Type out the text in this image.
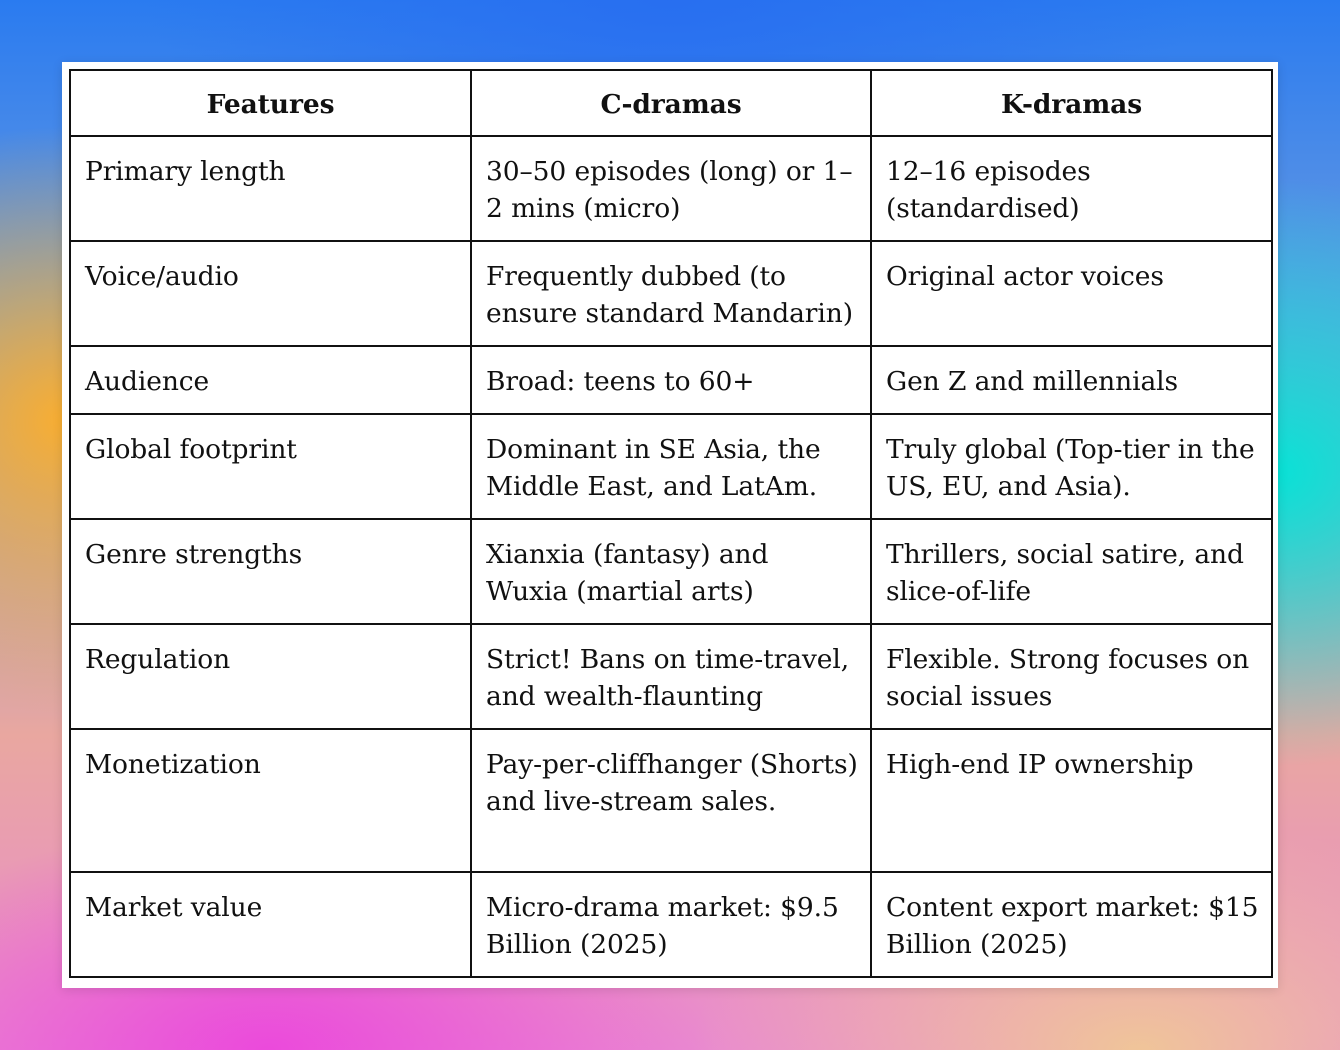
Features	C-dramas	K-dramas
Primary length	30–50 episodes (long) or 1–2 mins (micro)	12–16 episodes (standardised)
Voice/audio	Frequently dubbed (to ensure standard Mandarin)	Original actor voices
Audience	Broad: teens to 60+	Gen Z and millennials
Global footprint	Dominant in SE Asia, the Middle East, and LatAm.	Truly global (Top-tier in the US, EU, and Asia).
Genre strengths	Xianxia (fantasy) and Wuxia (martial arts)	Thrillers, social satire, and slice-of-life
Regulation	Strict! Bans on time-travel, and wealth-flaunting	Flexible. Strong focuses on social issues
Monetization	Pay-per-cliffhanger (Shorts) and live-stream sales.	High-end IP ownership
Market value	Micro-drama market: $9.5 Billion (2025)	Content export market: $15 Billion (2025)
